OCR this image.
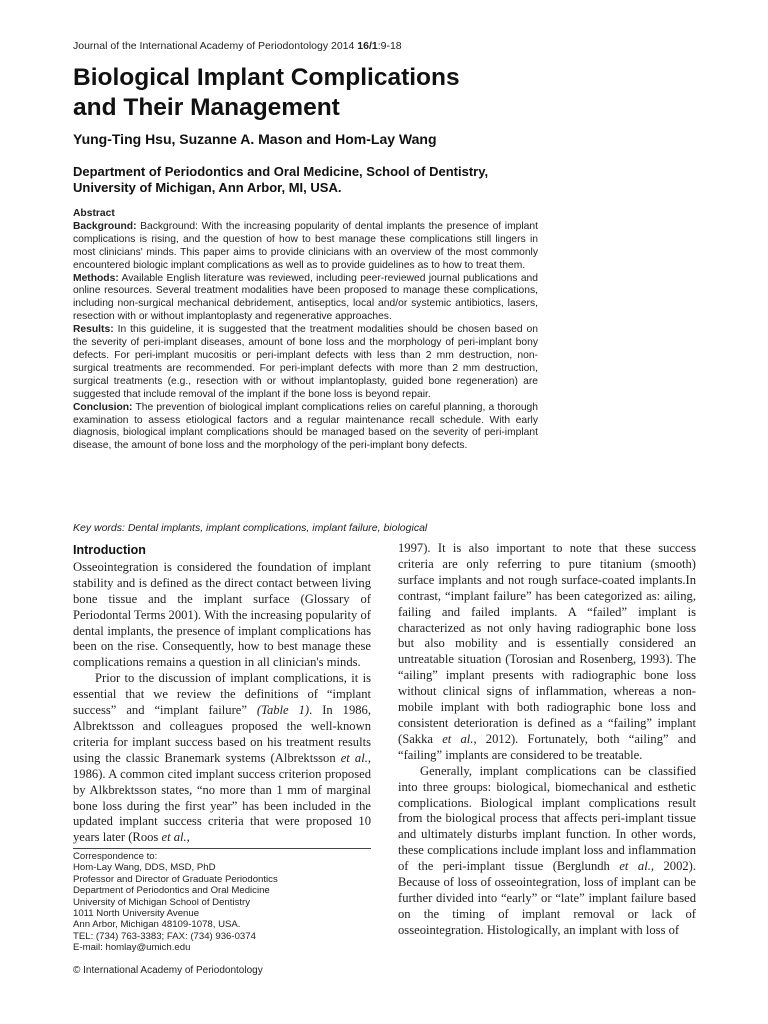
Journal of the International Academy of Periodontology 2014 16/1:9-18
Biological Implant Complications
and Their Management
Yung-Ting Hsu, Suzanne A. Mason and Hom-Lay Wang
Department of Periodontics and Oral Medicine, School of Dentistry,
University of Michigan, Ann Arbor, MI, USA.

Abstract

Background: Background: With the increasing popularity of dental implants the presence of implant complications is rising, and the question of how to best manage these complications still lingers in most clinicians' minds. This paper aims to provide clinicians with an overview of the most commonly encountered biologic implant complications as well as to provide guidelines as to how to treat them.

Methods: Available English literature was reviewed, including peer-reviewed journal publications and online resources. Several treatment modalities have been proposed to manage these complications, including non-surgical mechanical debridement, antiseptics, local and/or systemic antibiotics, lasers, resection with or without implantoplasty and regenerative approaches.

Results: In this guideline, it is suggested that the treatment modalities should be chosen based on the severity of peri-implant diseases, amount of bone loss and the morphology of peri-implant bony defects. For peri-implant mucositis or peri-implant defects with less than 2 mm destruction, non-surgical treatments are recommended. For peri-implant defects with more than 2 mm destruction, surgical treatments (e.g., resection with or without implantoplasty, guided bone regeneration) are suggested that include removal of the implant if the bone loss is beyond repair.

Conclusion: The prevention of biological implant complications relies on careful planning, a thorough examination to assess etiological factors and a regular maintenance recall schedule. With early diagnosis, biological implant complications should be managed based on the severity of peri-implant disease, the amount of bone loss and the morphology of the peri-implant bony defects.

Key words: Dental implants, implant complications, implant failure, biological
Introduction

Osseointegration is considered the foundation of implant stability and is defined as the direct contact between living bone tissue and the implant surface (Glossary of Periodontal Terms 2001). With the increasing popularity of dental implants, the presence of implant complications has been on the rise. Consequently, how to best manage these complications remains a question in all clinician's minds.

Prior to the discussion of implant complications, it is essential that we review the definitions of “implant success” and “implant failure” (Table 1). In 1986, Albrektsson and colleagues proposed the well-known criteria for implant success based on his treatment results using the classic Branemark systems (Albrektsson et al., 1986). A common cited implant success criterion proposed by Alkbrektsson states, “no more than 1 mm of marginal bone loss during the first year” has been included in the updated implant success criteria that were proposed 10 years later (Roos et al.,

Correspondence to:
Hom-Lay Wang, DDS, MSD, PhD
Professor and Director of Graduate Periodontics
Department of Periodontics and Oral Medicine
University of Michigan School of Dentistry
1011 North University Avenue
Ann Arbor, Michigan 48109-1078, USA.
TEL: (734) 763-3383; FAX: (734) 936-0374
E-mail: homlay@umich.edu
© International Academy of Periodontology

1997). It is also important to note that these success criteria are only referring to pure titanium (smooth) surface implants and not rough surface-coated implants.In contrast, “implant failure” has been categorized as: ailing, failing and failed implants. A “failed” implant is characterized as not only having radiographic bone loss but also mobility and is essentially considered an untreatable situation (Torosian and Rosenberg, 1993). The “ailing” implant presents with radiographic bone loss without clinical signs of inflammation, whereas a non-mobile implant with both radiographic bone loss and consistent deterioration is defined as a “failing” implant (Sakka et al., 2012). Fortunately, both “ailing” and “failing” implants are considered to be treatable.

Generally, implant complications can be classified into three groups: biological, biomechanical and esthetic complications. Biological implant complications result from the biological process that affects peri-implant tissue and ultimately disturbs implant function. In other words, these complications include implant loss and inflammation of the peri-implant tissue (Berglundh et al., 2002). Because of loss of osseointegration, loss of implant can be further divided into “early” or “late” implant failure based on the timing of implant removal or lack of osseointegration. Histologically, an implant with loss of
